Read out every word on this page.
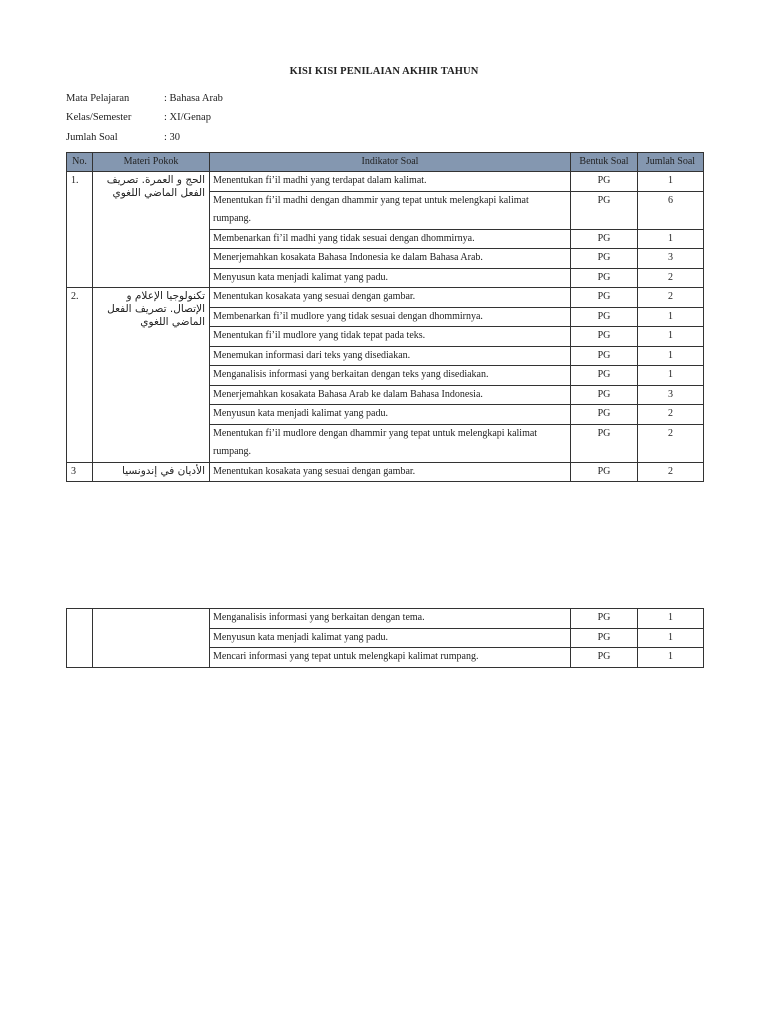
KISI KISI PENILAIAN AKHIR TAHUN
Mata Pelajaran	: Bahasa Arab
Kelas/Semester	: XI/Genap
Jumlah Soal	: 30
No.	Materi Pokok	Indikator Soal	Bentuk Soal	Jumlah Soal
1.	الحج و العمرة. تصريف الفعل الماضي اللغوي	Menentukan fi’il madhi yang terdapat dalam kalimat.	PG	1
		Menentukan fi’il madhi dengan dhammir yang tepat untuk melengkapi kalimat rumpang.	PG	6
		Membenarkan fi’il madhi yang tidak sesuai dengan dhommirnya.	PG	1
		Menerjemahkan kosakata Bahasa Indonesia ke dalam Bahasa Arab.	PG	3
		Menyusun kata menjadi kalimat yang padu.	PG	2
2.	تكنولوجيا الإعلام و الإتصال. تصريف الفعل الماضي اللغوي	Menentukan kosakata yang sesuai dengan gambar.	PG	2
		Membenarkan fi’il mudlore yang tidak sesuai dengan dhommirnya.	PG	1
		Menentukan fi’il mudlore yang tidak tepat pada teks.	PG	1
		Menemukan informasi dari teks yang disediakan.	PG	1
		Menganalisis informasi yang berkaitan dengan teks yang disediakan.	PG	1
		Menerjemahkan kosakata Bahasa Arab ke dalam Bahasa Indonesia.	PG	3
		Menyusun kata menjadi kalimat yang padu.	PG	2
		Menentukan fi’il mudlore dengan dhammir yang tepat untuk melengkapi kalimat rumpang.	PG	2
3	الأديان في إندونسيا	Menentukan kosakata yang sesuai dengan gambar.	PG	2
		Menganalisis informasi yang berkaitan dengan tema.	PG	1
		Menyusun kata menjadi kalimat yang padu.	PG	1
		Mencari informasi yang tepat untuk melengkapi kalimat rumpang.	PG	1
